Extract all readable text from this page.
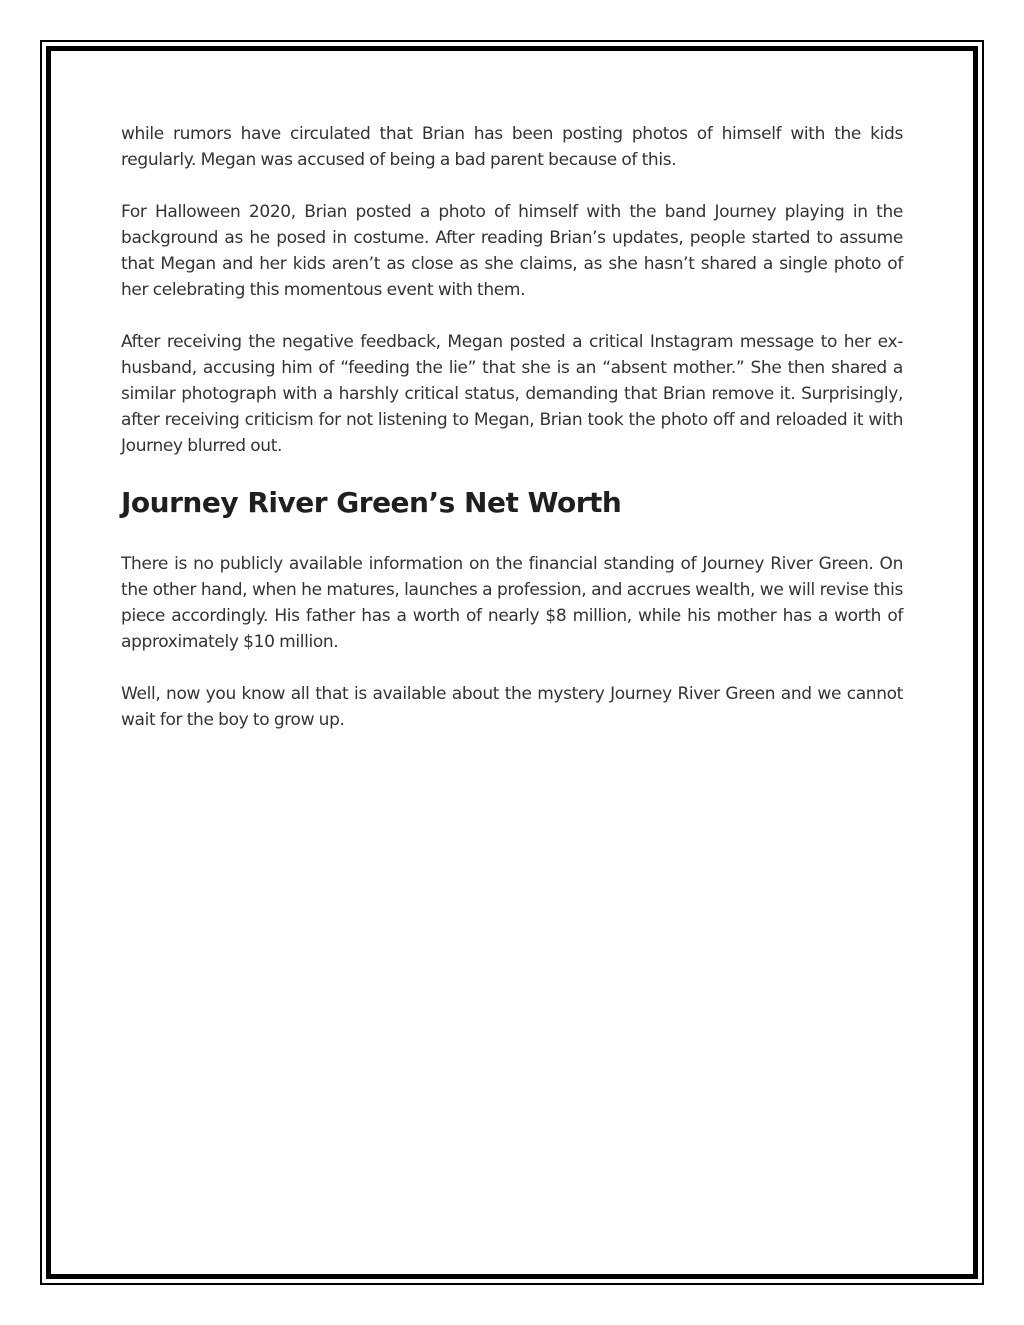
while rumors have circulated that Brian has been posting photos of himself with the kids regularly. Megan was accused of being a bad parent because of this.

For Halloween 2020, Brian posted a photo of himself with the band Journey playing in the background as he posed in costume. After reading Brian’s updates, people started to assume that Megan and her kids aren’t as close as she claims, as she hasn’t shared a single photo of her celebrating this momentous event with them.

After receiving the negative feedback, Megan posted a critical Instagram message to her ex-husband, accusing him of “feeding the lie” that she is an “absent mother.” She then shared a similar photograph with a harshly critical status, demanding that Brian remove it. Surprisingly, after receiving criticism for not listening to Megan, Brian took the photo off and reloaded it with Journey blurred out.

Journey River Green’s Net Worth

There is no publicly available information on the financial standing of Journey River Green. On the other hand, when he matures, launches a profession, and accrues wealth, we will revise this piece accordingly. His father has a worth of nearly $8 million, while his mother has a worth of approximately $10 million.

Well, now you know all that is available about the mystery Journey River Green and we cannot wait for the boy to grow up.
